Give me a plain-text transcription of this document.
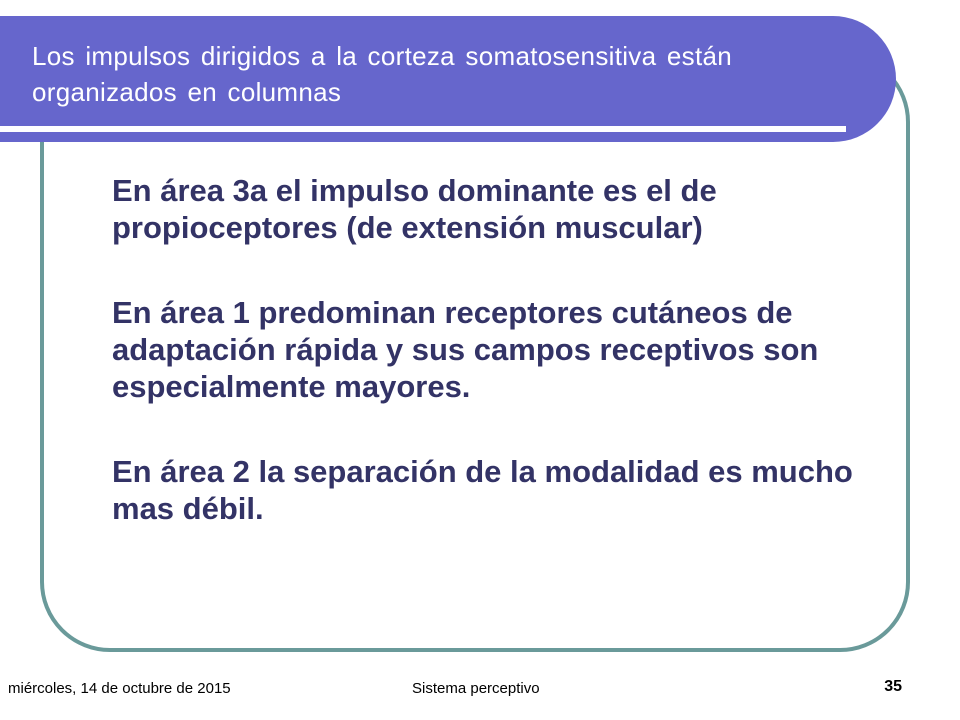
Los impulsos dirigidos a la corteza somatosensitiva están organizados en columnas

En área 3a el impulso dominante es el de propioceptores (de extensión muscular)

En área 1 predominan receptores cutáneos de adaptación rápida y sus campos receptivos son especialmente mayores.

En área 2 la separación de la modalidad es mucho mas débil.

miércoles, 14 de octubre de 2015	Sistema perceptivo	35
